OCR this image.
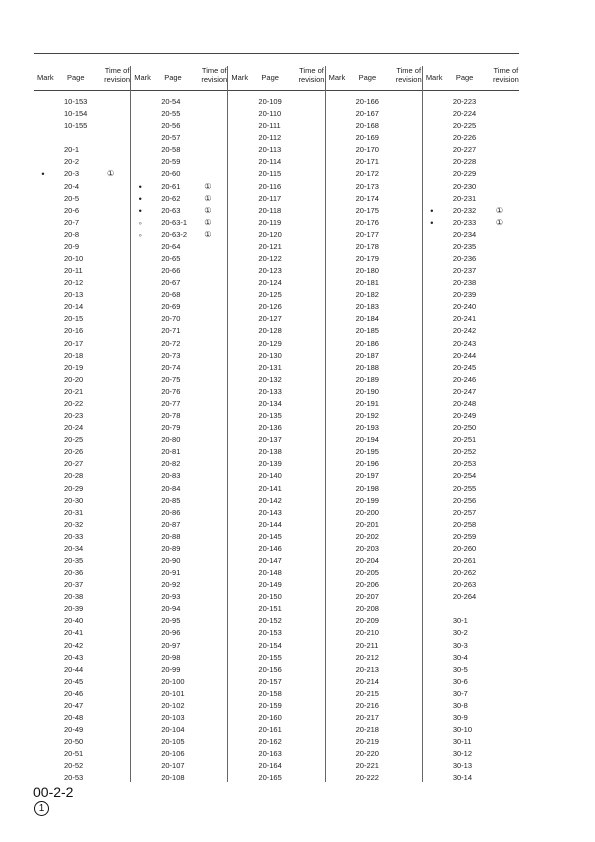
Mark Page
Time of
revision
10-153
10-154
10-155
20-1
20-2
•	20-3	①
20-4
20-5
20-6
20-7
20-8
20-9
20-10
20-11
20-12
20-13
20-14
20-15
20-16
20-17
20-18
20-19
20-20
20-21
20-22
20-23
20-24
20-25
20-26
20-27
20-28
20-29
20-30
20-31
20-32
20-33
20-34
20-35
20-36
20-37
20-38
20-39
20-40
20-41
20-42
20-43
20-44
20-45
20-46
20-47
20-48
20-49
20-50
20-51
20-52
20-53
Mark Page
Time of
revision
20-54
20-55
20-56
20-57
20-58
20-59
20-60
•	20-61	①
•	20-62	①
•	20-63	①
◦	20-63-1 ①
◦	20-63-2 ①
20-64
20-65
20-66
20-67
20-68
20-69
20-70
20-71
20-72
20-73
20-74
20-75
20-76
20-77
20-78
20-79
20-80
20-81
20-82
20-83
20-84
20-85
20-86
20-87
20-88
20-89
20-90
20-91
20-92
20-93
20-94
20-95
20-96
20-97
20-98
20-99
20-100
20-101
20-102
20-103
20-104
20-105
20-106
20-107
20-108
Mark Page
Time of
revision
20-109
20-110
20-111
20-112
20-113
20-114
20-115
20-116
20-117
20-118
20-119
20-120
20-121
20-122
20-123
20-124
20-125
20-126
20-127
20-128
20-129
20-130
20-131
20-132
20-133
20-134
20-135
20-136
20-137
20-138
20-139
20-140
20-141
20-142
20-143
20-144
20-145
20-146
20-147
20-148
20-149
20-150
20-151
20-152
20-153
20-154
20-155
20-156
20-157
20-158
20-159
20-160
20-161
20-162
20-163
20-164
20-165
Mark Page
Time of
revision
20-166
20-167
20-168
20-169
20-170
20-171
20-172
20-173
20-174
20-175
20-176
20-177
20-178
20-179
20-180
20-181
20-182
20-183
20-184
20-185
20-186
20-187
20-188
20-189
20-190
20-191
20-192
20-193
20-194
20-195
20-196
20-197
20-198
20-199
20-200
20-201
20-202
20-203
20-204
20-205
20-206
20-207
20-208
20-209
20-210
20-211
20-212
20-213
20-214
20-215
20-216
20-217
20-218
20-219
20-220
20-221
20-222
Mark Page
Time of
revision
20-223
20-224
20-225
20-226
20-227
20-228
20-229
20-230
20-231
•	20-232 ①
•	20-233 ①
20-234
20-235
20-236
20-237
20-238
20-239
20-240
20-241
20-242
20-243
20-244
20-245
20-246
20-247
20-248
20-249
20-250
20-251
20-252
20-253
20-254
20-255
20-256
20-257
20-258
20-259
20-260
20-261
20-262
20-263
20-264
30-1
30-2
30-3
30-4
30-5
30-6
30-7
30-8
30-9
30-10
30-11
30-12
30-13
30-14
00-2-2
1
